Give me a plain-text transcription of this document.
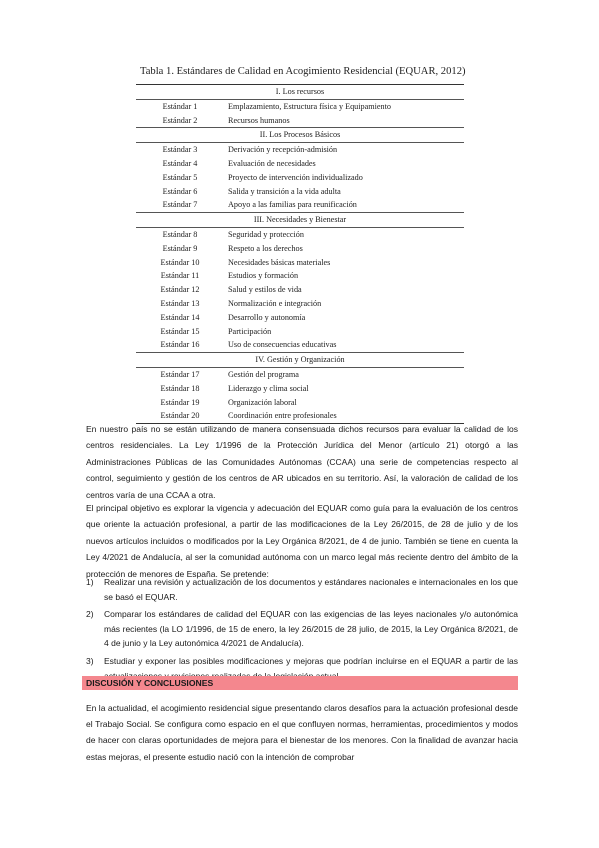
Tabla 1. Estándares de Calidad en Acogimiento Residencial (EQUAR, 2012)
I. Los recursos
Estándar 1	Emplazamiento, Estructura física y Equipamiento
Estándar 2	Recursos humanos
II. Los Procesos Básicos
Estándar 3	Derivación y recepción-admisión
Estándar 4	Evaluación de necesidades
Estándar 5	Proyecto de intervención individualizado
Estándar 6	Salida y transición a la vida adulta
Estándar 7	Apoyo a las familias para reunificación
III. Necesidades y Bienestar
Estándar 8	Seguridad y protección
Estándar 9	Respeto a los derechos
Estándar 10	Necesidades básicas materiales
Estándar 11	Estudios y formación
Estándar 12	Salud y estilos de vida
Estándar 13	Normalización e integración
Estándar 14	Desarrollo y autonomía
Estándar 15	Participación
Estándar 16	Uso de consecuencias educativas
IV. Gestión y Organización
Estándar 17	Gestión del programa
Estándar 18	Liderazgo y clima social
Estándar 19	Organización laboral
Estándar 20	Coordinación entre profesionales

En nuestro país no se están utilizando de manera consensuada dichos recursos para evaluar la calidad de los centros residenciales. La Ley 1/1996 de la Protección Jurídica del Menor (artículo 21) otorgó a las Administraciones Públicas de las Comunidades Autónomas (CCAA) una serie de competencias respecto al control, seguimiento y gestión de los centros de AR ubicados en su territorio. Así, la valoración de calidad de los centros varía de una CCAA a otra.

El principal objetivo es explorar la vigencia y adecuación del EQUAR como guía para la evaluación de los centros que oriente la actuación profesional, a partir de las modificaciones de la Ley 26/2015, de 28 de julio y de los nuevos artículos incluidos o modificados por la Ley Orgánica 8/2021, de 4 de junio. También se tiene en cuenta la Ley 4/2021 de Andalucía, al ser la comunidad autónoma con un marco legal más reciente dentro del ámbito de la protección de menores de España. Se pretende:

1)	Realizar una revisión y actualización de los documentos y estándares nacionales e internacionales en los que se basó el EQUAR.
2)	Comparar los estándares de calidad del EQUAR con las exigencias de las leyes nacionales y/o autonómica más recientes (la LO 1/1996, de 15 de enero, la ley 26/2015 de 28 julio, de 2015, la Ley Orgánica 8/2021, de 4 de junio y la Ley autonómica 4/2021 de Andalucía).
3)	Estudiar y exponer las posibles modificaciones y mejoras que podrían incluirse en el EQUAR a partir de las
DISCUSIÓN Y CONCLUSIONES

En la actualidad, el acogimiento residencial sigue presentando claros desafíos para la actuación profesional desde el Trabajo Social. Se configura como espacio en el que confluyen normas, herramientas, procedimientos y modos de hacer con claras oportunidades de mejora para el bienestar de los menores. Con la finalidad de avanzar hacia estas mejoras, el presente estudio nació con la intención de comprobar
